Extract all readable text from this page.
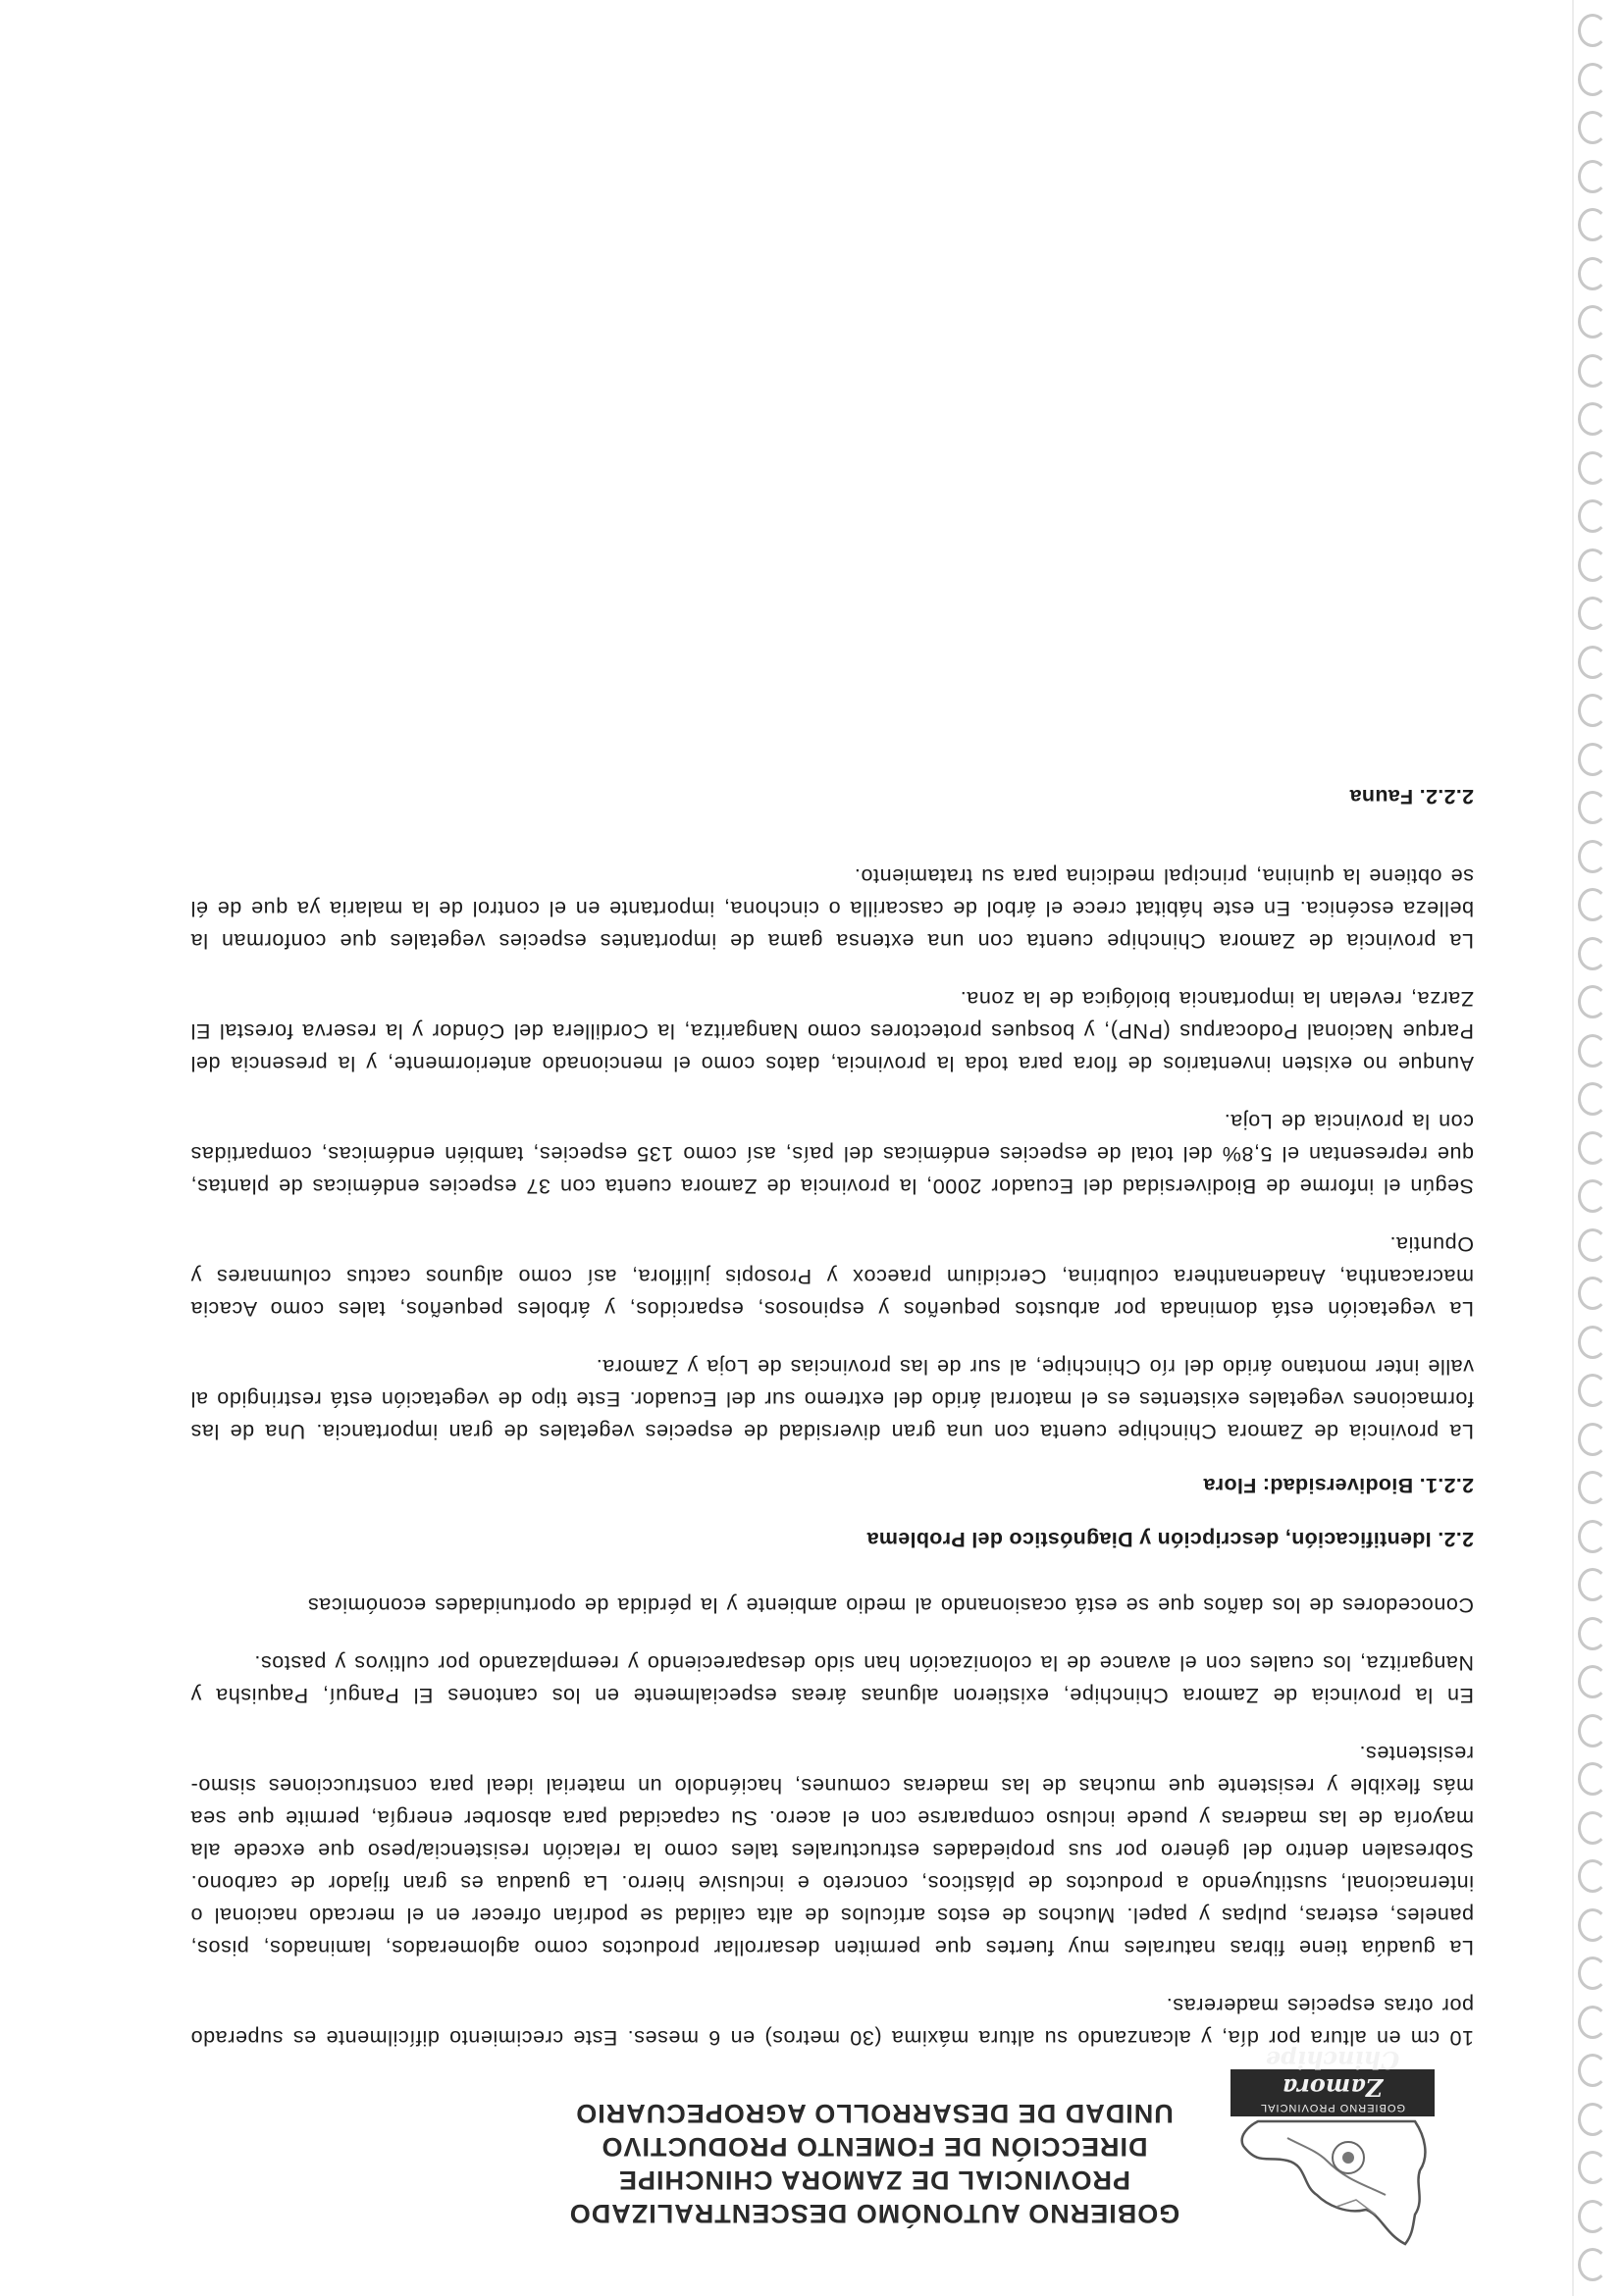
GOBIERNO PROVINCIAL
Zamora Chinchipe
GOBIERNO AUTONÓMO DESCENTRALIZADO
PROVINCIAL DE ZAMORA CHINCHIPE
DIRECCIÓN DE FOMENTO PRODUCTIVO
UNIDAD DE DESARROLLO AGROPECUARIO

10 cm en altura por día, y alcanzando su altura máxima (30 metros) en 6 meses. Este crecimiento difícilmente es superado por otras especies madereras.

La guadúa tiene fibras naturales muy fuertes que permiten desarrollar productos como aglomerados, laminados, pisos, paneles, esteras, pulpas y papel. Muchos de estos artículos de alta calidad se podrían ofrecer en el mercado nacional o internacional, sustituyendo a productos de plásticos, concreto e inclusive hierro. La guadua es gran fijador de carbono. Sobresalen dentro del género por sus propiedades estructurales tales como la relación resistencia/peso que excede ala mayoría de las maderas y puede incluso compararse con el acero. Su capacidad para absorber energía, permite que sea más flexible y resistente que muchas de las maderas comunes, haciéndolo un material ideal para construcciones sismo-resistentes.

En la provincia de Zamora Chinchipe, existieron algunas áreas especialmente en los cantones El Panguí, Paquisha y Nangaritza, los cuales con el avance de la colonización han sido desapareciendo y reemplazando por cultivos y pastos.

Conocedores de los daños que se está ocasionando al medio ambiente y la pérdida de oportunidades económicas

2.2. Identificación, descripción y Diagnóstico del Problema
2.2.1. Biodiversidad: Flora

La provincia de Zamora Chinchipe cuenta con una gran diversidad de especies vegetales de gran importancia. Una de las formaciones vegetales existentes es el matorral árido del extremo sur del Ecuador. Este tipo de vegetación está restringido al valle inter montano árido del río Chinchipe, al sur de las provincias de Loja y Zamora.

La vegetación está dominada por arbustos pequeños y espinosos, esparcidos, y árboles pequeños, tales como Acacia macracantha, Anadenanthera colubrina, Cercidium praecox y Prosopis juliflora, así como algunos cactus columnares y Opuntia.

Según el informe de Biodiversidad del Ecuador 2000, la provincia de Zamora cuenta con 37 especies endémicas de plantas, que representan el 5,8% del total de especies endémicas del país, así como 135 especies, también endémicas, compartidas con la provincia de Loja.

Aunque no existen inventarios de flora para toda la provincia, datos como el mencionado anteriormente, y la presencia del Parque Nacional Podocarpus (PNP), y bosques protectores como Nangaritza, la Cordillera del Cóndor y la reserva forestal El Zarza, revelan la importancia biológica de la zona.

La provincia de Zamora Chinchipe cuenta con una extensa gama de importantes especies vegetales que conforman la belleza escénica. En este hábitat crece el árbol de cascarilla o cinchona, importante en el control de la malaria ya que de él se obtiene la quinina, principal medicina para su tratamiento.

2.2.2. Fauna
